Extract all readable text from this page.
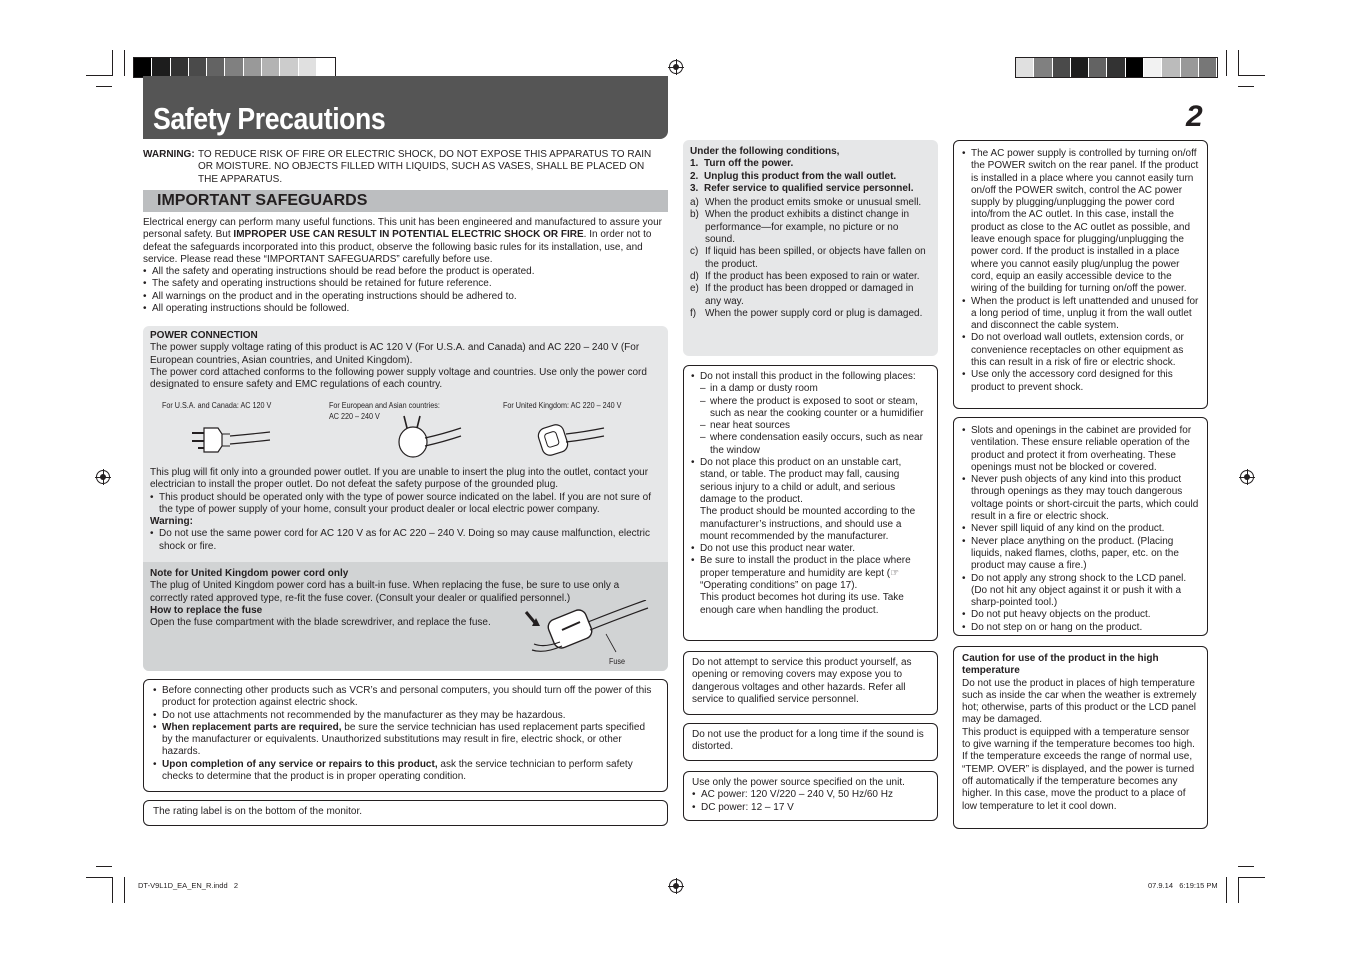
Safety Precautions	2
WARNING: TO REDUCE RISK OF FIRE OR ELECTRIC SHOCK, DO NOT EXPOSE THIS APPARATUS TO RAIN OR MOISTURE. NO OBJECTS FILLED WITH LIQUIDS, SUCH AS VASES, SHALL BE PLACED ON THE APPARATUS.

IMPORTANT SAFEGUARDS

Electrical energy can perform many useful functions. This unit has been engineered and manufactured to assure your personal safety. But IMPROPER USE CAN RESULT IN POTENTIAL ELECTRIC SHOCK OR FIRE. In order not to defeat the safeguards incorporated into this product, observe the following basic rules for its installation, use, and service. Please read these “IMPORTANT SAFEGUARDS” carefully before use.

• All the safety and operating instructions should be read before the product is operated.
• The safety and operating instructions should be retained for future reference.
• All warnings on the product and in the operating instructions should be adhered to.
• All operating instructions should be followed.

POWER CONNECTION

The power supply voltage rating of this product is AC 120 V (For U.S.A. and Canada) and AC 220 – 240 V (For European countries, Asian countries, and United Kingdom).

The power cord attached conforms to the following power supply voltage and countries. Use only the power cord designated to ensure safety and EMC regulations of each country.

For U.S.A. and Canada: AC 120 V	For European and Asian countries:
AC 220 – 240 V
For United Kingdom: AC 220 – 240 V

This plug will fit only into a grounded power outlet. If you are unable to insert the plug into the outlet, contact your electrician to install the proper outlet. Do not defeat the safety purpose of the grounded plug.

• This product should be operated only with the type of power source indicated on the label. If you are not sure of the type of power supply of your home, consult your product dealer or local electric power company.

Warning:

• Do not use the same power cord for AC 120 V as for AC 220 – 240 V. Doing so may cause malfunction, electric shock or fire.

Note for United Kingdom power cord only

The plug of United Kingdom power cord has a built-in fuse. When replacing the fuse, be sure to use only a correctly rated approved type, re-fit the fuse cover. (Consult your dealer or qualified personnel.)

How to replace the fuse

Open the fuse compartment with the blade screwdriver, and replace the fuse.

Fuse
• Before connecting other products such as VCR’s and personal computers, you should turn off the power of this product for protection against electric shock.
• Do not use attachments not recommended by the manufacturer as they may be hazardous.
• When replacement parts are required, be sure the service technician has used replacement parts specified by the manufacturer or equivalents. Unauthorized substitutions may result in fire, electric shock, or other hazards.
• Upon completion of any service or repairs to this product, ask the service technician to perform safety checks to determine that the product is in proper operating condition.

The rating label is on the bottom of the monitor.

Under the following conditions,

1. Turn off the power.
2. Unplug this product from the wall outlet.
3. Refer service to qualified service personnel.
a) When the product emits smoke or unusual smell.
b) When the product exhibits a distinct change in performance—for example, no picture or no sound.
c) If liquid has been spilled, or objects have fallen on the product.
d) If the product has been exposed to rain or water.
e) If the product has been dropped or damaged in any way.
f) When the power supply cord or plug is damaged.
• Do not install this product in the following places:
– in a damp or dusty room
– where the product is exposed to soot or steam, such as near the cooking counter or a humidifier
– near heat sources
– where condensation easily occurs, such as near the window
• Do not place this product on an unstable cart, stand, or table. The product may fall, causing serious injury to a child or adult, and serious damage to the product.
The product should be mounted according to the manufacturer’s instructions, and should use a mount recommended by the manufacturer.
• Do not use this product near water.
• Be sure to install the product in the place where proper temperature and humidity are kept (☞ “Operating conditions” on page 17).
This product becomes hot during its use. Take enough care when handling the product.

Do not attempt to service this product yourself, as opening or removing covers may expose you to dangerous voltages and other hazards. Refer all service to qualified service personnel.

Do not use the product for a long time if the sound is distorted.

Use only the power source specified on the unit.

• AC power: 120 V/220 – 240 V, 50 Hz/60 Hz
• DC power: 12 – 17 V
• The AC power supply is controlled by turning on/off the POWER switch on the rear panel. If the product is installed in a place where you cannot easily turn on/off the POWER switch, control the AC power supply by plugging/unplugging the power cord into/from the AC outlet. In this case, install the product as close to the AC outlet as possible, and leave enough space for plugging/unplugging the power cord. If the product is installed in a place where you cannot easily plug/unplug the power cord, equip an easily accessible device to the wiring of the building for turning on/off the power.
• When the product is left unattended and unused for a long period of time, unplug it from the wall outlet and disconnect the cable system.
• Do not overload wall outlets, extension cords, or convenience receptacles on other equipment as this can result in a risk of fire or electric shock.
• Use only the accessory cord designed for this product to prevent shock.
• Slots and openings in the cabinet are provided for ventilation. These ensure reliable operation of the product and protect it from overheating. These openings must not be blocked or covered.
• Never push objects of any kind into this product through openings as they may touch dangerous voltage points or short-circuit the parts, which could result in a fire or electric shock.
• Never spill liquid of any kind on the product.
• Never place anything on the product. (Placing liquids, naked flames, cloths, paper, etc. on the product may cause a fire.)
• Do not apply any strong shock to the LCD panel. (Do not hit any object against it or push it with a sharp-pointed tool.)
• Do not put heavy objects on the product.
• Do not step on or hang on the product.

Caution for use of the product in the high temperature

Do not use the product in places of high temperature such as inside the car when the weather is extremely hot; otherwise, parts of this product or the LCD panel may be damaged.

This product is equipped with a temperature sensor to give warning if the temperature becomes too high. If the temperature exceeds the range of normal use, “TEMP. OVER” is displayed, and the power is turned off automatically if the temperature becomes any higher. In this case, move the product to a place of low temperature to let it cool down.

DT-V9L1D_EA_EN_R.indd   2	07.9.14   6:19:15 PM
